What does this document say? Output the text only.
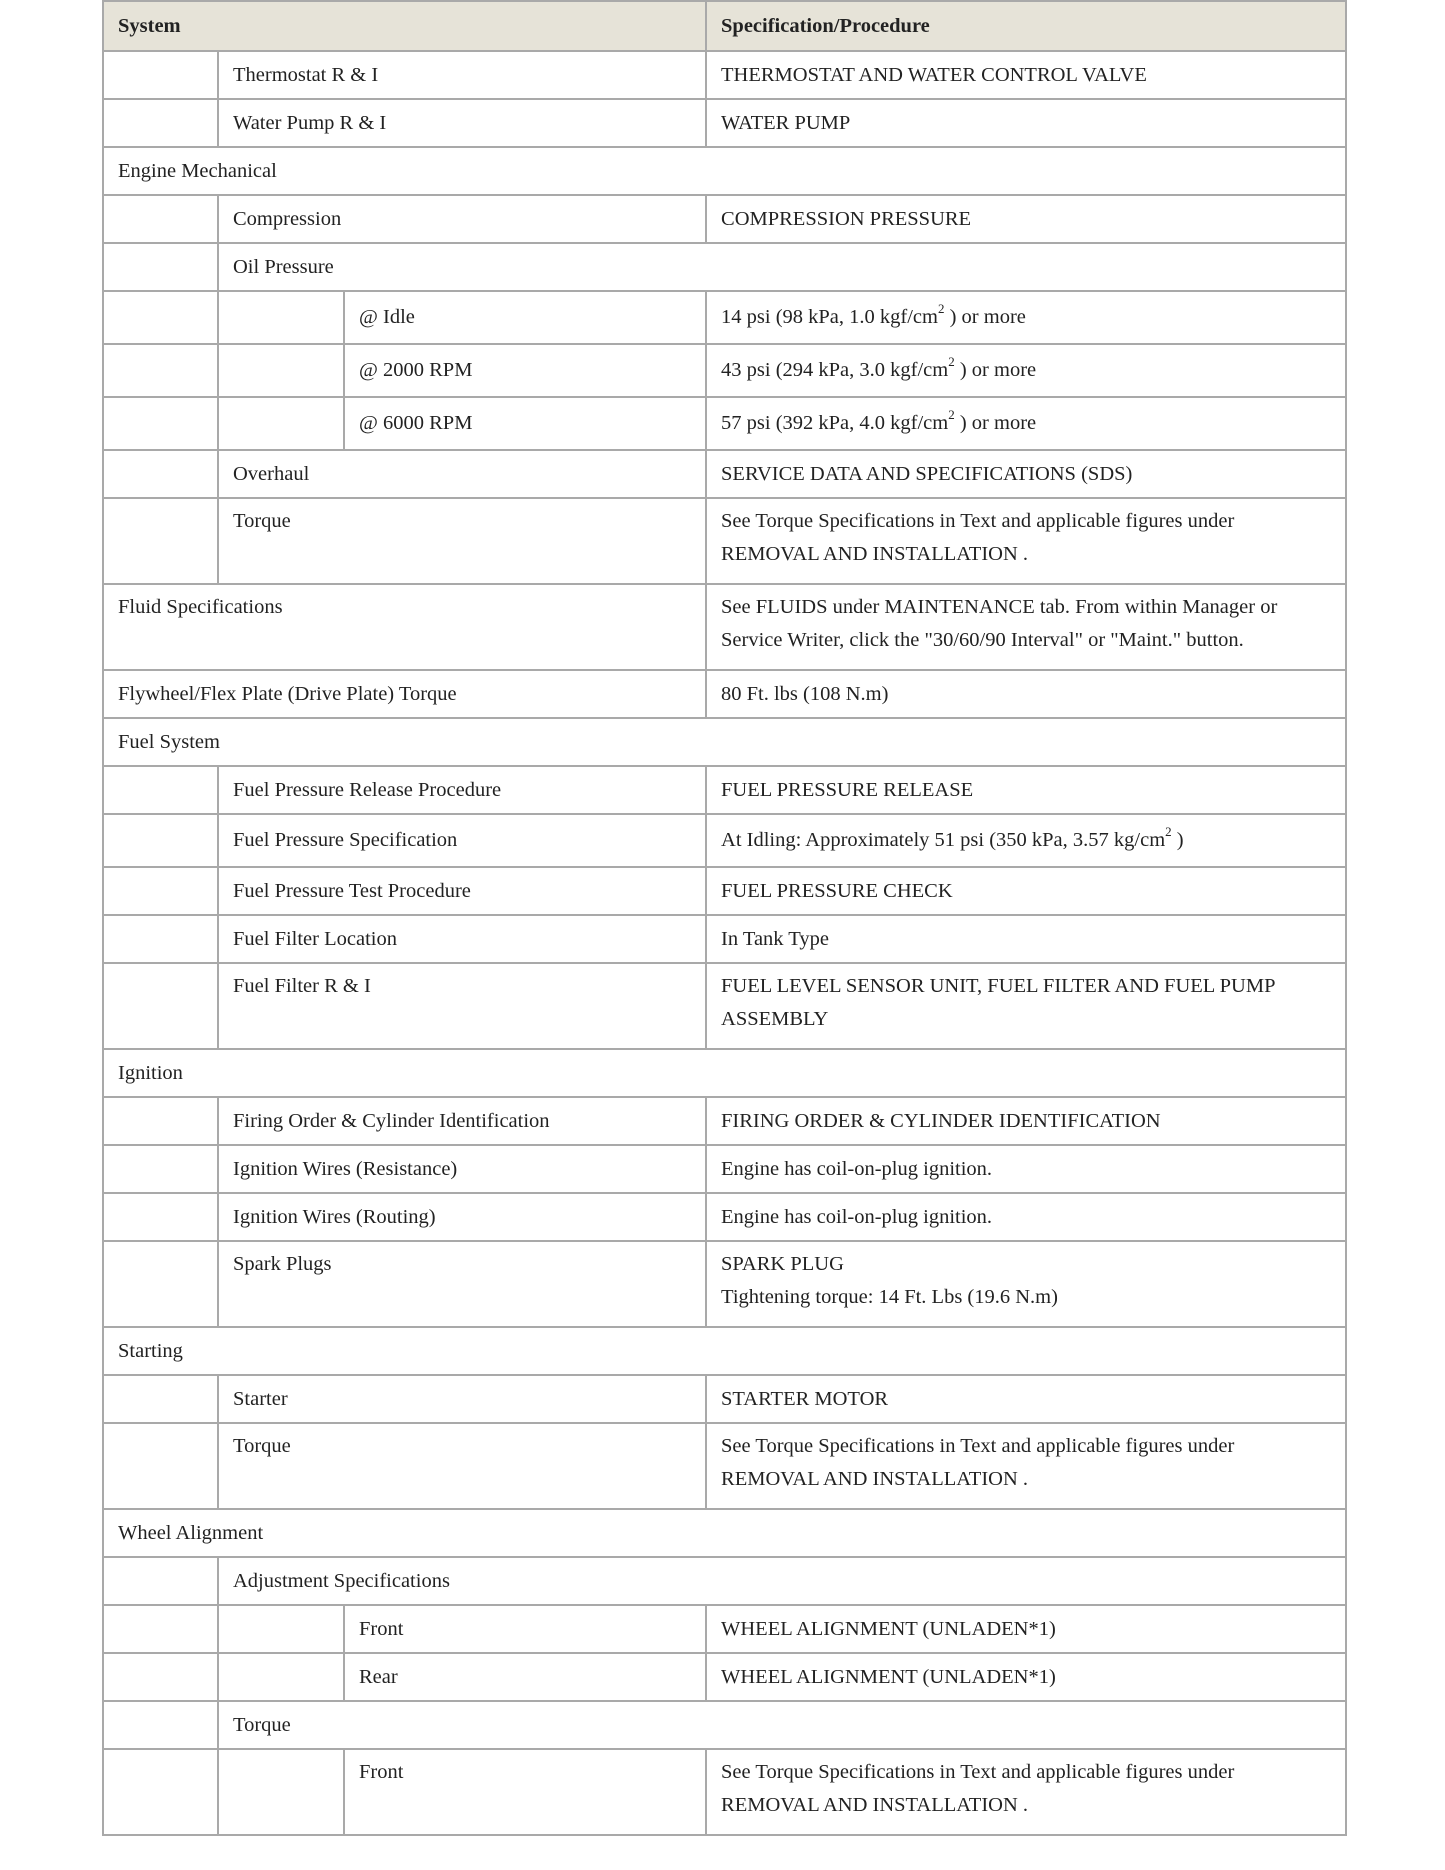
System			Specification/Procedure
	Thermostat R & I		THERMOSTAT AND WATER CONTROL VALVE

	Water Pump R & I		WATER PUMP

Engine Mechanical			
	Compression		COMPRESSION PRESSURE

	Oil Pressure		
		@ Idle	14 psi (98 kPa, 1.0 kgf/$cm^2$ ) or more
		@ 2000 RPM	43 psi (294 kPa, 3.0 kgf/$cm^2$ ) or more
		@ 6000 RPM	57 psi (392 kPa, 4.0 kgf/$cm^2$ ) or more
	Overhaul		SERVICE DATA AND SPECIFICATIONS (SDS)

	Torque		See Torque Specifications in Text and applicable figures under
REMOVAL AND INSTALLATION .

Fluid Specifications			See FLUIDS under MAINTENANCE tab. From within Manager or
Service Writer, click the "30/60/90 Interval" or "Maint." button.

Flywheel/Flex Plate (Drive Plate) Torque			80 Ft. lbs (108 N.m)

Fuel System			
	Fuel Pressure Release Procedure		FUEL PRESSURE RELEASE

	Fuel Pressure Specification		At Idling: Approximately 51 psi (350 kPa, 3.57 $kg/cm^2$ )
	Fuel Pressure Test Procedure		FUEL PRESSURE CHECK

	Fuel Filter Location		In Tank Type

	Fuel Filter R & I		FUEL LEVEL SENSOR UNIT, FUEL FILTER AND FUEL PUMP
ASSEMBLY

Ignition			
	Firing Order & Cylinder Identification		FIRING ORDER & CYLINDER IDENTIFICATION

	Ignition Wires (Resistance)		Engine has coil-on-plug ignition.

	Ignition Wires (Routing)		Engine has coil-on-plug ignition.

	Spark Plugs		SPARK PLUG
Tightening torque: 14 Ft. Lbs (19.6 N.m)

Starting			
	Starter		STARTER MOTOR

	Torque		See Torque Specifications in Text and applicable figures under
REMOVAL AND INSTALLATION .

Wheel Alignment			
	Adjustment Specifications		
		Front	WHEEL ALIGNMENT (UNLADEN*1)

		Rear	WHEEL ALIGNMENT (UNLADEN*1)

	Torque		
		Front	See Torque Specifications in Text and applicable figures under
REMOVAL AND INSTALLATION .
